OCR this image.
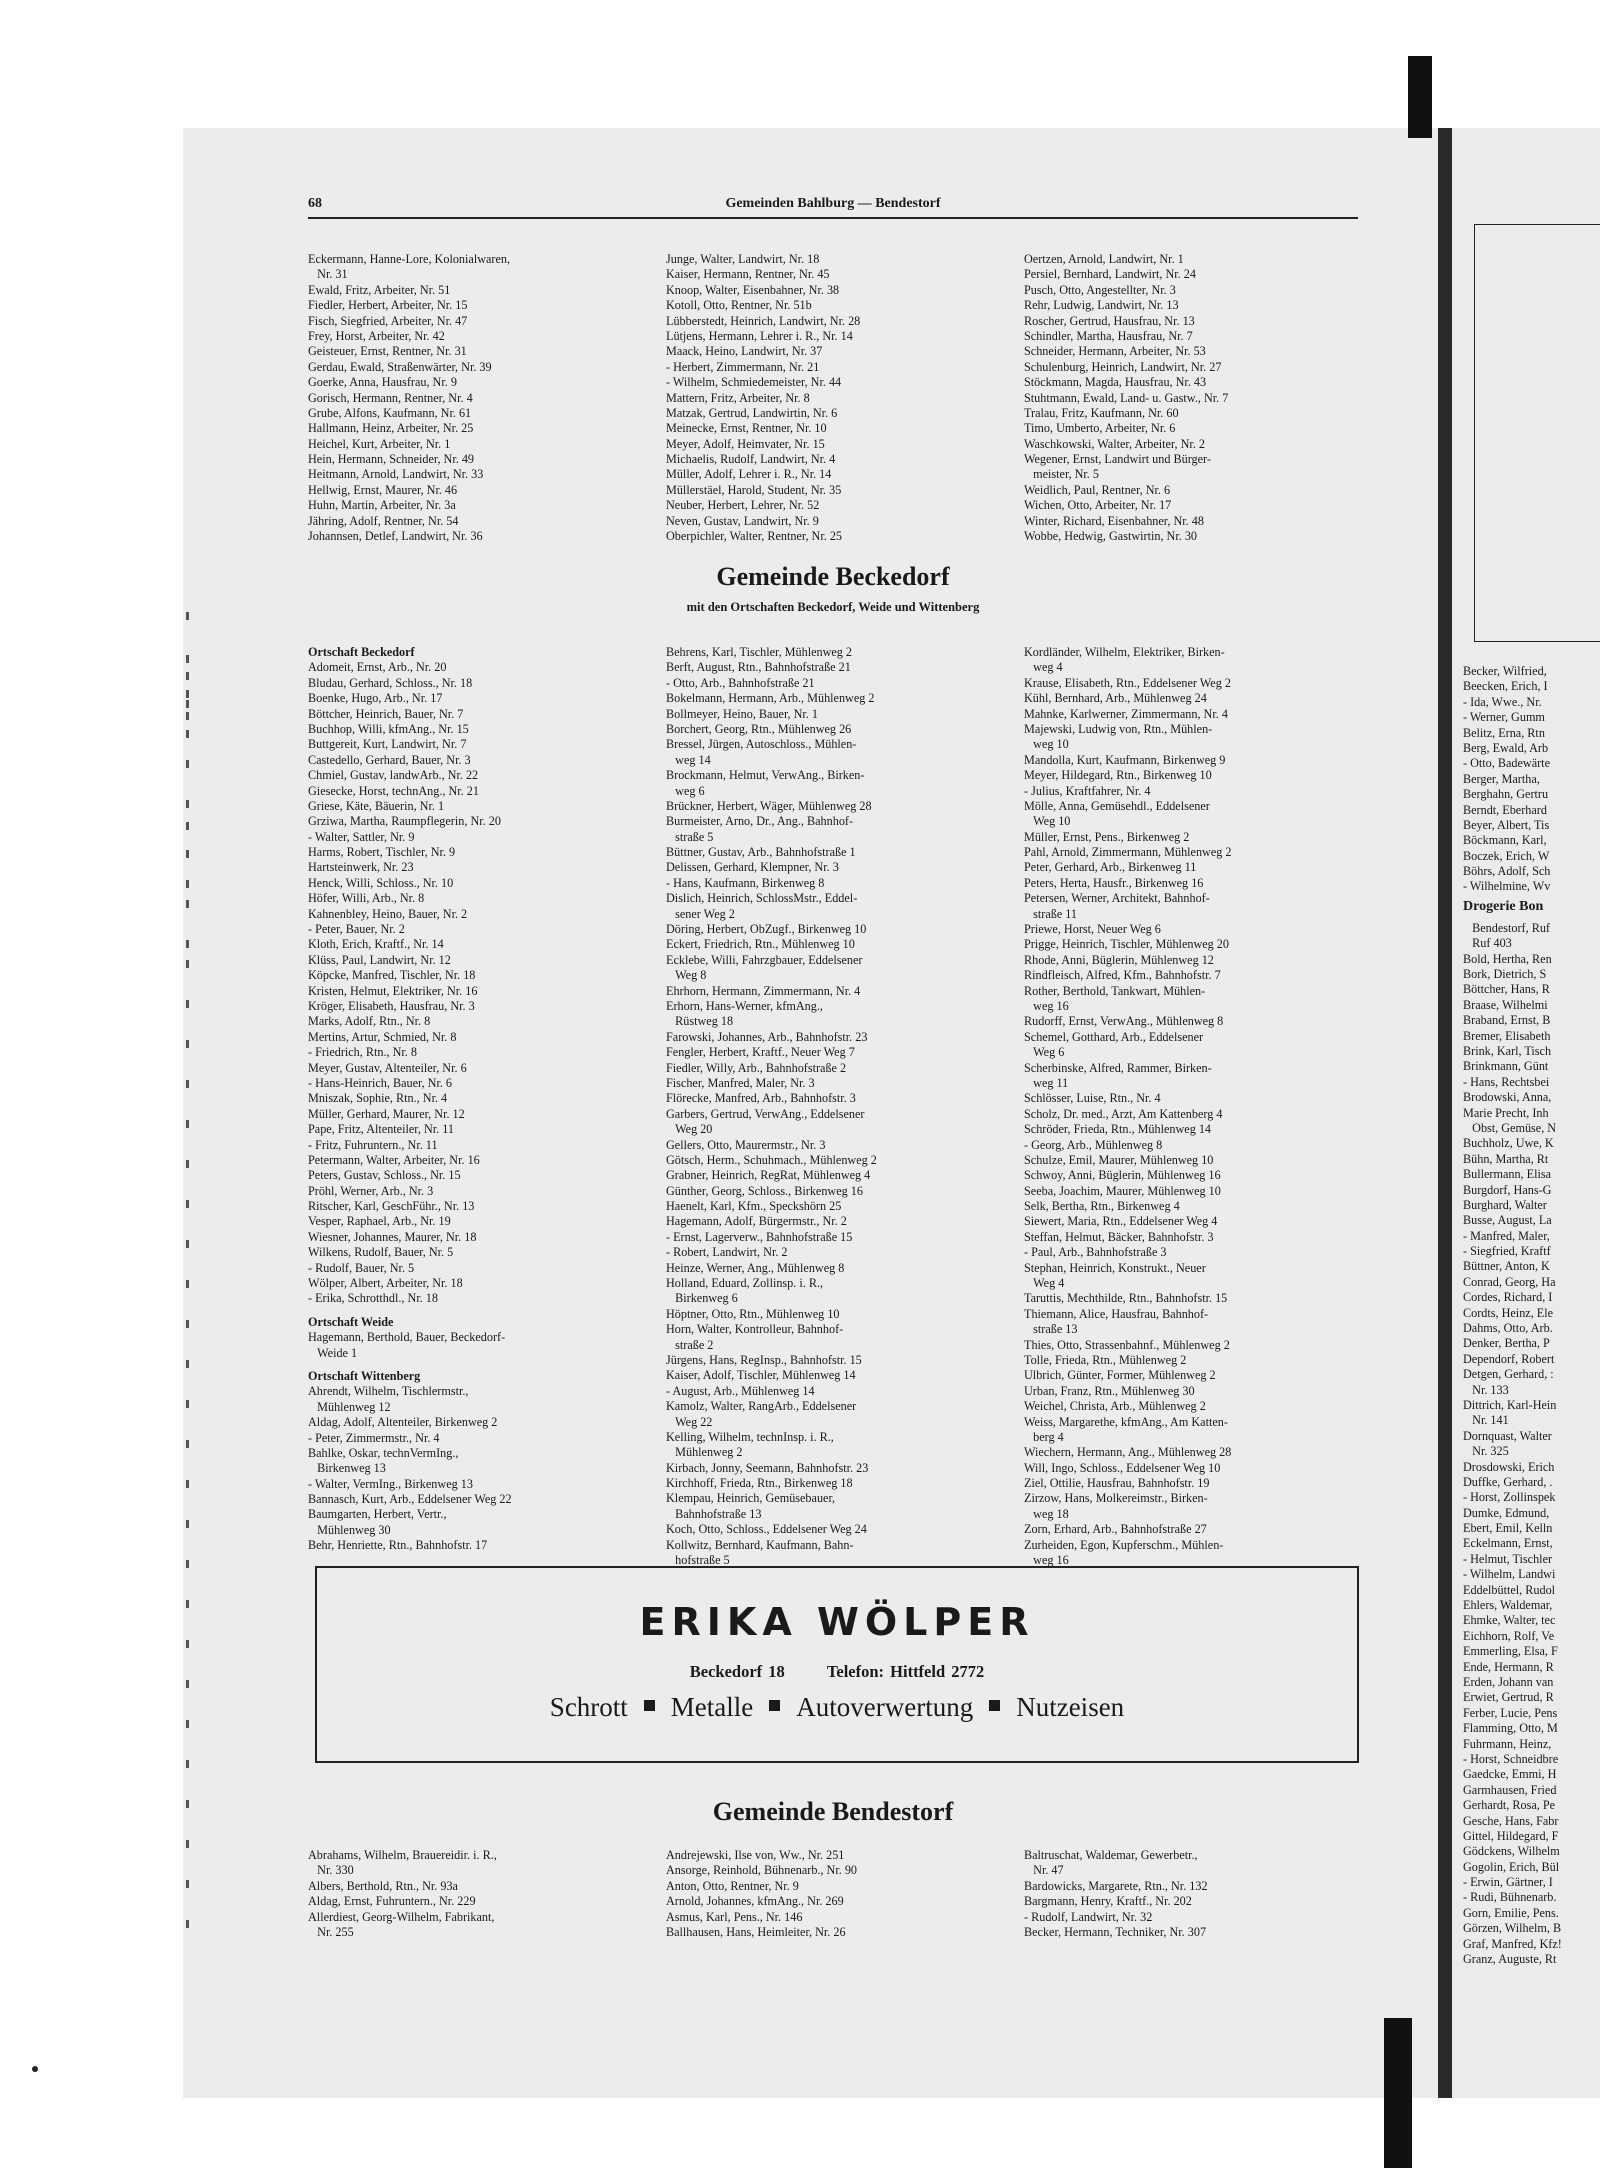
68	Gemeinden Bahlburg — Bendestorf
Eckermann, Hanne-Lore, Kolonialwaren,
Nr. 31
Ewald, Fritz, Arbeiter, Nr. 51
Fiedler, Herbert, Arbeiter, Nr. 15
Fisch, Siegfried, Arbeiter, Nr. 47
Frey, Horst, Arbeiter, Nr. 42
Geisteuer, Ernst, Rentner, Nr. 31
Gerdau, Ewald, Straßenwärter, Nr. 39
Goerke, Anna, Hausfrau, Nr. 9
Gorisch, Hermann, Rentner, Nr. 4
Grube, Alfons, Kaufmann, Nr. 61
Hallmann, Heinz, Arbeiter, Nr. 25
Heichel, Kurt, Arbeiter, Nr. 1
Hein, Hermann, Schneider, Nr. 49
Heitmann, Arnold, Landwirt, Nr. 33
Hellwig, Ernst, Maurer, Nr. 46
Huhn, Martin, Arbeiter, Nr. 3a
Jähring, Adolf, Rentner, Nr. 54
Johannsen, Detlef, Landwirt, Nr. 36
Junge, Walter, Landwirt, Nr. 18
Kaiser, Hermann, Rentner, Nr. 45
Knoop, Walter, Eisenbahner, Nr. 38
Kotoll, Otto, Rentner, Nr. 51b
Lübberstedt, Heinrich, Landwirt, Nr. 28
Lütjens, Hermann, Lehrer i. R., Nr. 14
Maack, Heino, Landwirt, Nr. 37
- Herbert, Zimmermann, Nr. 21
- Wilhelm, Schmiedemeister, Nr. 44
Mattern, Fritz, Arbeiter, Nr. 8
Matzak, Gertrud, Landwirtin, Nr. 6
Meinecke, Ernst, Rentner, Nr. 10
Meyer, Adolf, Heimvater, Nr. 15
Michaelis, Rudolf, Landwirt, Nr. 4
Müller, Adolf, Lehrer i. R., Nr. 14
Müllerstäel, Harold, Student, Nr. 35
Neuber, Herbert, Lehrer, Nr. 52
Neven, Gustav, Landwirt, Nr. 9
Oberpichler, Walter, Rentner, Nr. 25
Oertzen, Arnold, Landwirt, Nr. 1
Persiel, Bernhard, Landwirt, Nr. 24
Pusch, Otto, Angestellter, Nr. 3
Rehr, Ludwig, Landwirt, Nr. 13
Roscher, Gertrud, Hausfrau, Nr. 13
Schindler, Martha, Hausfrau, Nr. 7
Schneider, Hermann, Arbeiter, Nr. 53
Schulenburg, Heinrich, Landwirt, Nr. 27
Stöckmann, Magda, Hausfrau, Nr. 43
Stuhtmann, Ewald, Land- u. Gastw., Nr. 7
Tralau, Fritz, Kaufmann, Nr. 60
Timo, Umberto, Arbeiter, Nr. 6
Waschkowski, Walter, Arbeiter, Nr. 2
Wegener, Ernst, Landwirt und Bürger-
meister, Nr. 5
Weidlich, Paul, Rentner, Nr. 6
Wichen, Otto, Arbeiter, Nr. 17
Winter, Richard, Eisenbahner, Nr. 48
Wobbe, Hedwig, Gastwirtin, Nr. 30
Gemeinde Beckedorf
mit den Ortschaften Beckedorf, Weide und Wittenberg
Ortschaft Beckedorf
Adomeit, Ernst, Arb., Nr. 20
Bludau, Gerhard, Schloss., Nr. 18
Boenke, Hugo, Arb., Nr. 17
Böttcher, Heinrich, Bauer, Nr. 7
Buchhop, Willi, kfmAng., Nr. 15
Buttgereit, Kurt, Landwirt, Nr. 7
Castedello, Gerhard, Bauer, Nr. 3
Chmiel, Gustav, landwArb., Nr. 22
Giesecke, Horst, technAng., Nr. 21
Griese, Käte, Bäuerin, Nr. 1
Grziwa, Martha, Raumpflegerin, Nr. 20
- Walter, Sattler, Nr. 9
Harms, Robert, Tischler, Nr. 9
Hartsteinwerk, Nr. 23
Henck, Willi, Schloss., Nr. 10
Höfer, Willi, Arb., Nr. 8
Kahnenbley, Heino, Bauer, Nr. 2
- Peter, Bauer, Nr. 2
Kloth, Erich, Kraftf., Nr. 14
Klüss, Paul, Landwirt, Nr. 12
Köpcke, Manfred, Tischler, Nr. 18
Kristen, Helmut, Elektriker, Nr. 16
Kröger, Elisabeth, Hausfrau, Nr. 3
Marks, Adolf, Rtn., Nr. 8
Mertins, Artur, Schmied, Nr. 8
- Friedrich, Rtn., Nr. 8
Meyer, Gustav, Altenteiler, Nr. 6
- Hans-Heinrich, Bauer, Nr. 6
Mniszak, Sophie, Rtn., Nr. 4
Müller, Gerhard, Maurer, Nr. 12
Pape, Fritz, Altenteiler, Nr. 11
- Fritz, Fuhruntern., Nr. 11
Petermann, Walter, Arbeiter, Nr. 16
Peters, Gustav, Schloss., Nr. 15
Pröhl, Werner, Arb., Nr. 3
Ritscher, Karl, GeschFühr., Nr. 13
Vesper, Raphael, Arb., Nr. 19
Wiesner, Johannes, Maurer, Nr. 18
Wilkens, Rudolf, Bauer, Nr. 5
- Rudolf, Bauer, Nr. 5
Wölper, Albert, Arbeiter, Nr. 18
- Erika, Schrotthdl., Nr. 18
Ortschaft Weide
Hagemann, Berthold, Bauer, Beckedorf-
Weide 1
Ortschaft Wittenberg
Ahrendt, Wilhelm, Tischlermstr.,
Mühlenweg 12
Aldag, Adolf, Altenteiler, Birkenweg 2
- Peter, Zimmermstr., Nr. 4
Bahlke, Oskar, technVermIng.,
Birkenweg 13
- Walter, VermIng., Birkenweg 13
Bannasch, Kurt, Arb., Eddelsener Weg 22
Baumgarten, Herbert, Vertr.,
Mühlenweg 30
Behr, Henriette, Rtn., Bahnhofstr. 17
Behrens, Karl, Tischler, Mühlenweg 2
Berft, August, Rtn., Bahnhofstraße 21
- Otto, Arb., Bahnhofstraße 21
Bokelmann, Hermann, Arb., Mühlenweg 2
Bollmeyer, Heino, Bauer, Nr. 1
Borchert, Georg, Rtn., Mühlenweg 26
Bressel, Jürgen, Autoschloss., Mühlen-
weg 14
Brockmann, Helmut, VerwAng., Birken-
weg 6
Brückner, Herbert, Wäger, Mühlenweg 28
Burmeister, Arno, Dr., Ang., Bahnhof-
straße 5
Büttner, Gustav, Arb., Bahnhofstraße 1
Delissen, Gerhard, Klempner, Nr. 3
- Hans, Kaufmann, Birkenweg 8
Dislich, Heinrich, SchlossMstr., Eddel-
sener Weg 2
Döring, Herbert, ObZugf., Birkenweg 10
Eckert, Friedrich, Rtn., Mühlenweg 10
Ecklebe, Willi, Fahrzgbauer, Eddelsener
Weg 8
Ehrhorn, Hermann, Zimmermann, Nr. 4
Erhorn, Hans-Werner, kfmAng.,
Rüstweg 18
Farowski, Johannes, Arb., Bahnhofstr. 23
Fengler, Herbert, Kraftf., Neuer Weg 7
Fiedler, Willy, Arb., Bahnhofstraße 2
Fischer, Manfred, Maler, Nr. 3
Flörecke, Manfred, Arb., Bahnhofstr. 3
Garbers, Gertrud, VerwAng., Eddelsener
Weg 20
Gellers, Otto, Maurermstr., Nr. 3
Götsch, Herm., Schuhmach., Mühlenweg 2
Grabner, Heinrich, RegRat, Mühlenweg 4
Günther, Georg, Schloss., Birkenweg 16
Haenelt, Karl, Kfm., Speckshörn 25
Hagemann, Adolf, Bürgermstr., Nr. 2
- Ernst, Lagerverw., Bahnhofstraße 15
- Robert, Landwirt, Nr. 2
Heinze, Werner, Ang., Mühlenweg 8
Holland, Eduard, Zollinsp. i. R.,
Birkenweg 6
Höptner, Otto, Rtn., Mühlenweg 10
Horn, Walter, Kontrolleur, Bahnhof-
straße 2
Jürgens, Hans, RegInsp., Bahnhofstr. 15
Kaiser, Adolf, Tischler, Mühlenweg 14
- August, Arb., Mühlenweg 14
Kamolz, Walter, RangArb., Eddelsener
Weg 22
Kelling, Wilhelm, technInsp. i. R.,
Mühlenweg 2
Kirbach, Jonny, Seemann, Bahnhofstr. 23
Kirchhoff, Frieda, Rtn., Birkenweg 18
Klempau, Heinrich, Gemüsebauer,
Bahnhofstraße 13
Koch, Otto, Schloss., Eddelsener Weg 24
Kollwitz, Bernhard, Kaufmann, Bahn-
hofstraße 5
Kordländer, Wilhelm, Elektriker, Birken-
weg 4
Krause, Elisabeth, Rtn., Eddelsener Weg 2
Kühl, Bernhard, Arb., Mühlenweg 24
Mahnke, Karlwerner, Zimmermann, Nr. 4
Majewski, Ludwig von, Rtn., Mühlen-
weg 10
Mandolla, Kurt, Kaufmann, Birkenweg 9
Meyer, Hildegard, Rtn., Birkenweg 10
- Julius, Kraftfahrer, Nr. 4
Mölle, Anna, Gemüsehdl., Eddelsener
Weg 10
Müller, Ernst, Pens., Birkenweg 2
Pahl, Arnold, Zimmermann, Mühlenweg 2
Peter, Gerhard, Arb., Birkenweg 11
Peters, Herta, Hausfr., Birkenweg 16
Petersen, Werner, Architekt, Bahnhof-
straße 11
Priewe, Horst, Neuer Weg 6
Prigge, Heinrich, Tischler, Mühlenweg 20
Rhode, Anni, Büglerin, Mühlenweg 12
Rindfleisch, Alfred, Kfm., Bahnhofstr. 7
Rother, Berthold, Tankwart, Mühlen-
weg 16
Rudorff, Ernst, VerwAng., Mühlenweg 8
Schemel, Gotthard, Arb., Eddelsener
Weg 6
Scherbinske, Alfred, Rammer, Birken-
weg 11
Schlösser, Luise, Rtn., Nr. 4
Scholz, Dr. med., Arzt, Am Kattenberg 4
Schröder, Frieda, Rtn., Mühlenweg 14
- Georg, Arb., Mühlenweg 8
Schulze, Emil, Maurer, Mühlenweg 10
Schwoy, Anni, Büglerin, Mühlenweg 16
Seeba, Joachim, Maurer, Mühlenweg 10
Selk, Bertha, Rtn., Birkenweg 4
Siewert, Maria, Rtn., Eddelsener Weg 4
Steffan, Helmut, Bäcker, Bahnhofstr. 3
- Paul, Arb., Bahnhofstraße 3
Stephan, Heinrich, Konstrukt., Neuer
Weg 4
Taruttis, Mechthilde, Rtn., Bahnhofstr. 15
Thiemann, Alice, Hausfrau, Bahnhof-
straße 13
Thies, Otto, Strassenbahnf., Mühlenweg 2
Tolle, Frieda, Rtn., Mühlenweg 2
Ulbrich, Günter, Former, Mühlenweg 2
Urban, Franz, Rtn., Mühlenweg 30
Weichel, Christa, Arb., Mühlenweg 2
Weiss, Margarethe, kfmAng., Am Katten-
berg 4
Wiechern, Hermann, Ang., Mühlenweg 28
Will, Ingo, Schloss., Eddelsener Weg 10
Ziel, Ottilie, Hausfrau, Bahnhofstr. 19
Zirzow, Hans, Molkereimstr., Birken-
weg 18
Zorn, Erhard, Arb., Bahnhofstraße 27
Zurheiden, Egon, Kupferschm., Mühlen-
weg 16
ERIKA WÖLPER
Beckedorf 18	Telefon: Hittfeld 2772
Schrott Metalle Autoverwertung Nutzeisen
Gemeinde Bendestorf
Abrahams, Wilhelm, Brauereidir. i. R.,
Nr. 330
Albers, Berthold, Rtn., Nr. 93a
Aldag, Ernst, Fuhruntern., Nr. 229
Allerdiest, Georg-Wilhelm, Fabrikant,
Nr. 255
Andrejewski, Ilse von, Ww., Nr. 251
Ansorge, Reinhold, Bühnenarb., Nr. 90
Anton, Otto, Rentner, Nr. 9
Arnold, Johannes, kfmAng., Nr. 269
Asmus, Karl, Pens., Nr. 146
Ballhausen, Hans, Heimleiter, Nr. 26
Baltruschat, Waldemar, Gewerbetr.,
Nr. 47
Bardowicks, Margarete, Rtn., Nr. 132
Bargmann, Henry, Kraftf., Nr. 202
- Rudolf, Landwirt, Nr. 32
Becker, Hermann, Techniker, Nr. 307
Becker, Wilfried,
Beecken, Erich, I
- Ida, Wwe., Nr.
- Werner, Gumm
Belitz, Erna, Rtn
Berg, Ewald, Arb
- Otto, Badewärte
Berger, Martha,
Berghahn, Gertru
Berndt, Eberhard
Beyer, Albert, Tis
Böckmann, Karl,
Boczek, Erich, W
Böhrs, Adolf, Sch
- Wilhelmine, Wv
Drogerie Bon
Bendestorf, Ruf
Ruf 403
Bold, Hertha, Ren
Bork, Dietrich, S
Böttcher, Hans, R
Braase, Wilhelmi
Braband, Ernst, B
Bremer, Elisabeth
Brink, Karl, Tisch
Brinkmann, Günt
- Hans, Rechtsbei
Brodowski, Anna,
Marie Precht, Inh
Obst, Gemüse, N
Buchholz, Uwe, K
Bühn, Martha, Rt
Bullermann, Elisa
Burgdorf, Hans-G
Burghard, Walter
Busse, August, La
- Manfred, Maler,
- Siegfried, Kraftf
Büttner, Anton, K
Conrad, Georg, Ha
Cordes, Richard, I
Cordts, Heinz, Ele
Dahms, Otto, Arb.
Denker, Bertha, P
Dependorf, Robert
Detgen, Gerhard, :
Nr. 133
Dittrich, Karl-Hein
Nr. 141
Dornquast, Walter
Nr. 325
Drosdowski, Erich
Duffke, Gerhard, .
- Horst, Zollinspek
Dumke, Edmund,
Ebert, Emil, Kelln
Eckelmann, Ernst,
- Helmut, Tischler
- Wilhelm, Landwi
Eddelbüttel, Rudol
Ehlers, Waldemar,
Ehmke, Walter, tec
Eichhorn, Rolf, Ve
Emmerling, Elsa, F
Ende, Hermann, R
Erden, Johann van
Erwiet, Gertrud, R
Ferber, Lucie, Pens
Flamming, Otto, M
Fuhrmann, Heinz,
- Horst, Schneidbre
Gaedcke, Emmi, H
Garmhausen, Fried
Gerhardt, Rosa, Pe
Gesche, Hans, Fabr
Gittel, Hildegard, F
Gödckens, Wilhelm
Gogolin, Erich, Bül
- Erwin, Gärtner, I
- Rudi, Bühnenarb.
Gorn, Emilie, Pens.
Görzen, Wilhelm, B
Graf, Manfred, Kfz!
Granz, Auguste, Rt
